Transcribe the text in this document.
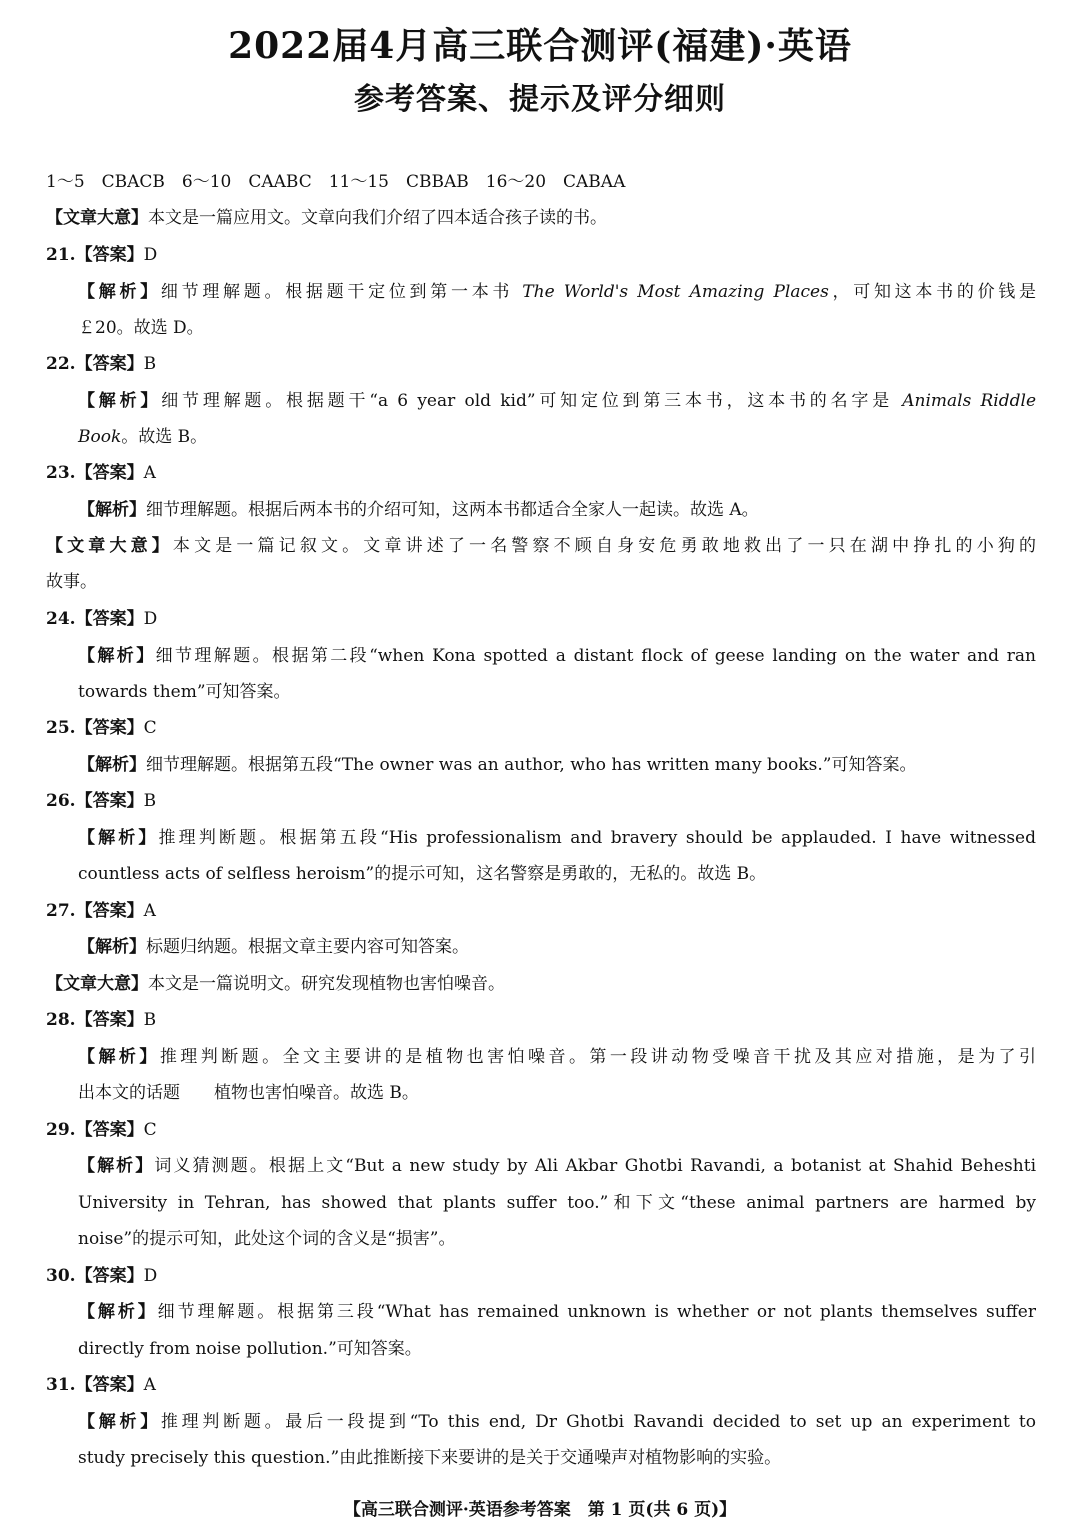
2022届4月高三联合测评(福建)·英语
参考答案、提示及评分细则
1～5　CBACB　6～10　CAABC　11～15　CBBAB　16～20　CABAA
【文章大意】本文是一篇应用文。文章向我们介绍了四本适合孩子读的书。
21.【答案】D
【解析】细节理解题。根据题干定位到第一本书 The World's Most Amazing Places，可知这本书的价钱是
￡20。故选 D。
22.【答案】B
【解析】细节理解题。根据题干“a 6 year old kid”可知定位到第三本书，这本书的名字是 Animals Riddle
Book。故选 B。
23.【答案】A
【解析】细节理解题。根据后两本书的介绍可知，这两本书都适合全家人一起读。故选 A。
【文章大意】本文是一篇记叙文。文章讲述了一名警察不顾自身安危勇敢地救出了一只在湖中挣扎的小狗的
故事。
24.【答案】D
【解析】细节理解题。根据第二段“when Kona spotted a distant flock of geese landing on the water and ran
towards them”可知答案。
25.【答案】C
【解析】细节理解题。根据第五段“The owner was an author, who has written many books.”可知答案。
26.【答案】B
【解析】推理判断题。根据第五段“His professionalism and bravery should be applauded. I have witnessed
countless acts of selfless heroism”的提示可知，这名警察是勇敢的，无私的。故选 B。
27.【答案】A
【解析】标题归纳题。根据文章主要内容可知答案。
【文章大意】本文是一篇说明文。研究发现植物也害怕噪音。
28.【答案】B
【解析】推理判断题。全文主要讲的是植物也害怕噪音。第一段讲动物受噪音干扰及其应对措施，是为了引
出本文的话题　　植物也害怕噪音。故选 B。
29.【答案】C
【解析】词义猜测题。根据上文“But a new study by Ali Akbar Ghotbi Ravandi, a botanist at Shahid Beheshti
University in Tehran, has showed that plants suffer too.”和下文“these animal partners are harmed by
noise”的提示可知，此处这个词的含义是“损害”。
30.【答案】D
【解析】细节理解题。根据第三段“What has remained unknown is whether or not plants themselves suffer
directly from noise pollution.”可知答案。
31.【答案】A
【解析】推理判断题。最后一段提到“To this end, Dr Ghotbi Ravandi decided to set up an experiment to
study precisely this question.”由此推断接下来要讲的是关于交通噪声对植物影响的实验。
【高三联合测评·英语参考答案　第 1 页(共 6 页)】
